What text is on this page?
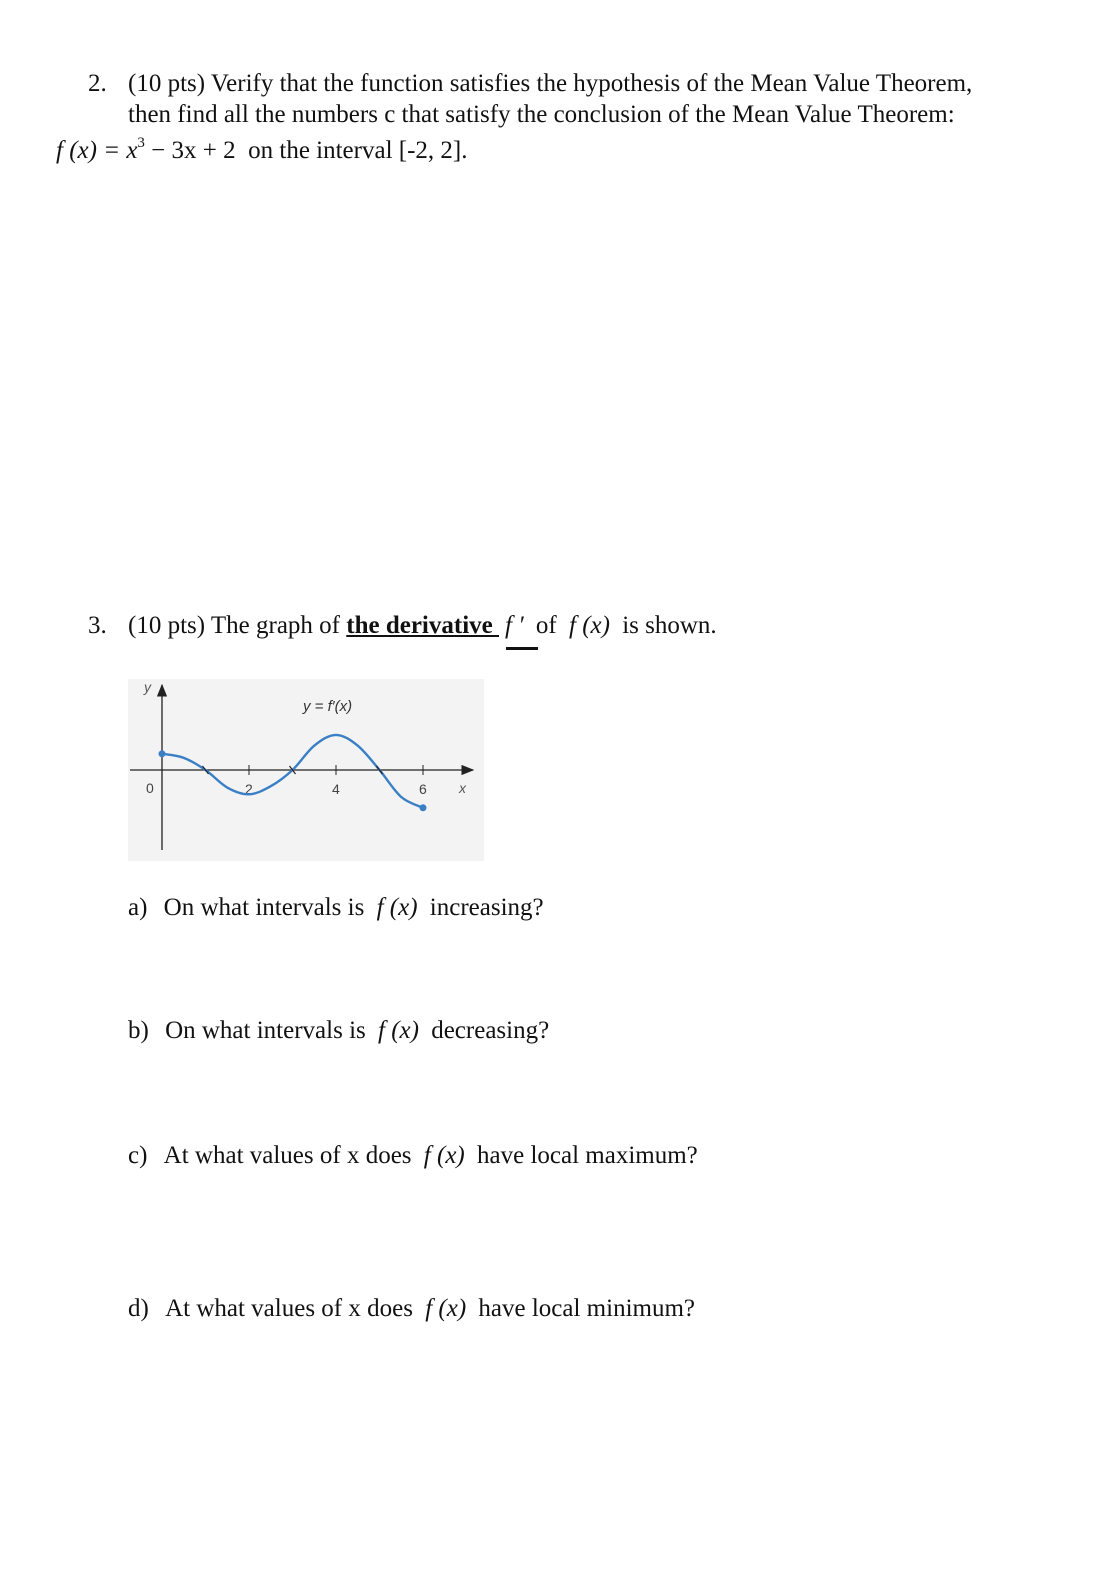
2. (10 pts) Verify that the function satisfies the hypothesis of the Mean Value Theorem,
then find all the numbers c that satisfy the conclusion of the Mean Value Theorem:
f $(x) = x^3 - 3x + 2$ on the interval [-2, 2].
3. (10 pts) The graph of the derivative f ′ of f (x) is shown.
y
x
0
y = f′(x)
2	4	6
a) On what intervals is f (x) increasing?
b) On what intervals is f (x) decreasing?
c) At what values of x does f (x) have local maximum?
d) At what values of x does f (x) have local minimum?
